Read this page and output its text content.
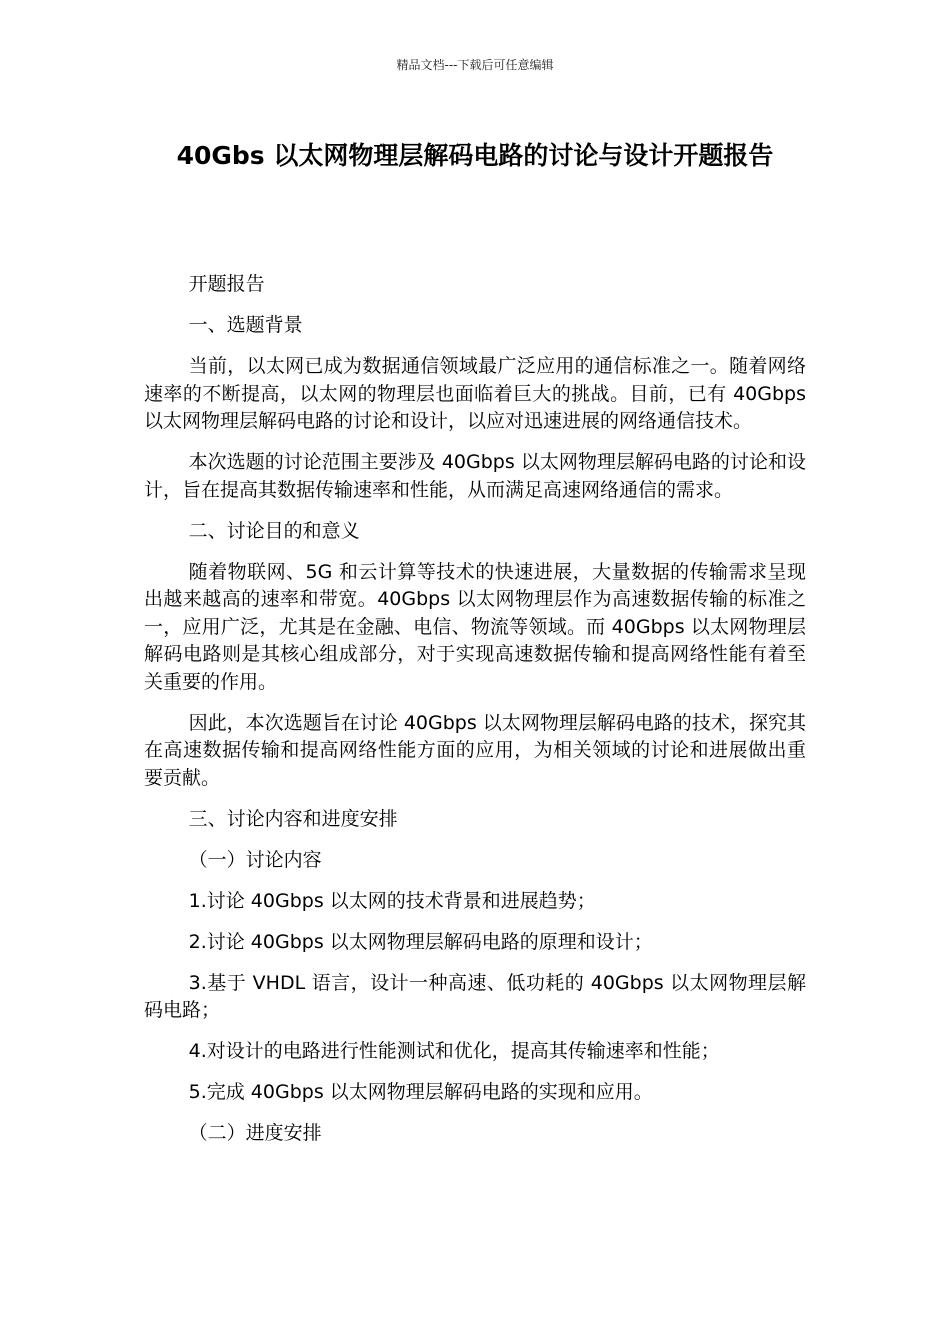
精品文档---下载后可任意编辑
40Gbs 以太网物理层解码电路的讨论与设计开题报告

开题报告

一、选题背景

当前，以太网已成为数据通信领域最广泛应用的通信标准之一。随着网络速率的不断提高，以太网的物理层也面临着巨大的挑战。目前，已有 40Gbps 以太网物理层解码电路的讨论和设计，以应对迅速进展的网络通信技术。

本次选题的讨论范围主要涉及 40Gbps 以太网物理层解码电路的讨论和设计，旨在提高其数据传输速率和性能，从而满足高速网络通信的需求。

二、讨论目的和意义

随着物联网、5G 和云计算等技术的快速进展，大量数据的传输需求呈现出越来越高的速率和带宽。40Gbps 以太网物理层作为高速数据传输的标准之一，应用广泛，尤其是在金融、电信、物流等领域。而 40Gbps 以太网物理层解码电路则是其核心组成部分，对于实现高速数据传输和提高网络性能有着至关重要的作用。

因此，本次选题旨在讨论 40Gbps 以太网物理层解码电路的技术，探究其在高速数据传输和提高网络性能方面的应用，为相关领域的讨论和进展做出重要贡献。

三、讨论内容和进度安排

（一）讨论内容

1.讨论 40Gbps 以太网的技术背景和进展趋势；

2.讨论 40Gbps 以太网物理层解码电路的原理和设计；

3.基于 VHDL 语言，设计一种高速、低功耗的 40Gbps 以太网物理层解码电路；

4.对设计的电路进行性能测试和优化，提高其传输速率和性能；

5.完成 40Gbps 以太网物理层解码电路的实现和应用。

（二）进度安排
